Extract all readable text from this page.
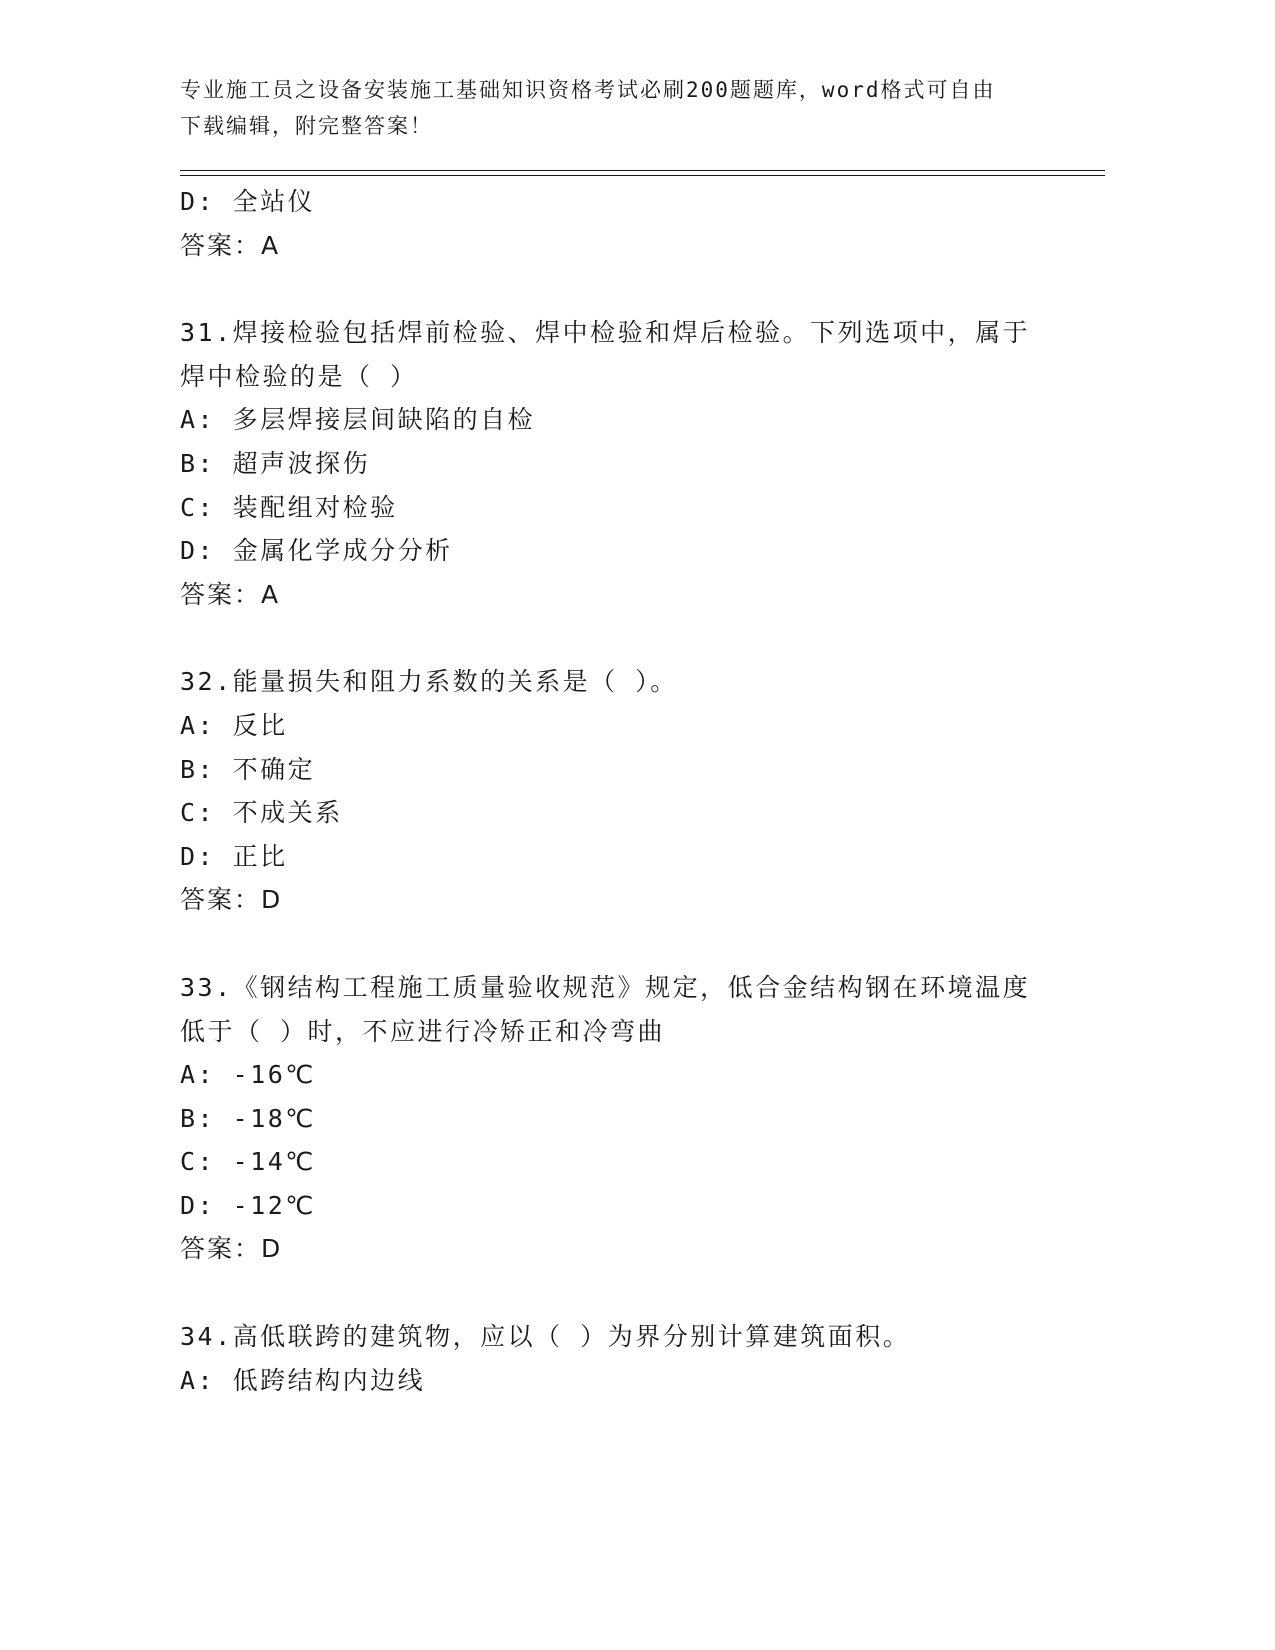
专业施工员之设备安装施工基础知识资格考试必刷200题题库，word格式可自由
下载编辑，附完整答案！
D: 全站仪
答案：A
31.焊接检验包括焊前检验、焊中检验和焊后检验。下列选项中，属于
焊中检验的是（ ）
A: 多层焊接层间缺陷的自检
B: 超声波探伤
C: 装配组对检验
D: 金属化学成分分析
答案：A
32.能量损失和阻力系数的关系是（ ）。
A: 反比
B: 不确定
C: 不成关系
D: 正比
答案：D
33.《钢结构工程施工质量验收规范》规定，低合金结构钢在环境温度
低于（ ）时，不应进行冷矫正和冷弯曲
A: -16℃
B: -18℃
C: -14℃
D: -12℃
答案：D
34.高低联跨的建筑物，应以（ ）为界分别计算建筑面积。
A: 低跨结构内边线
